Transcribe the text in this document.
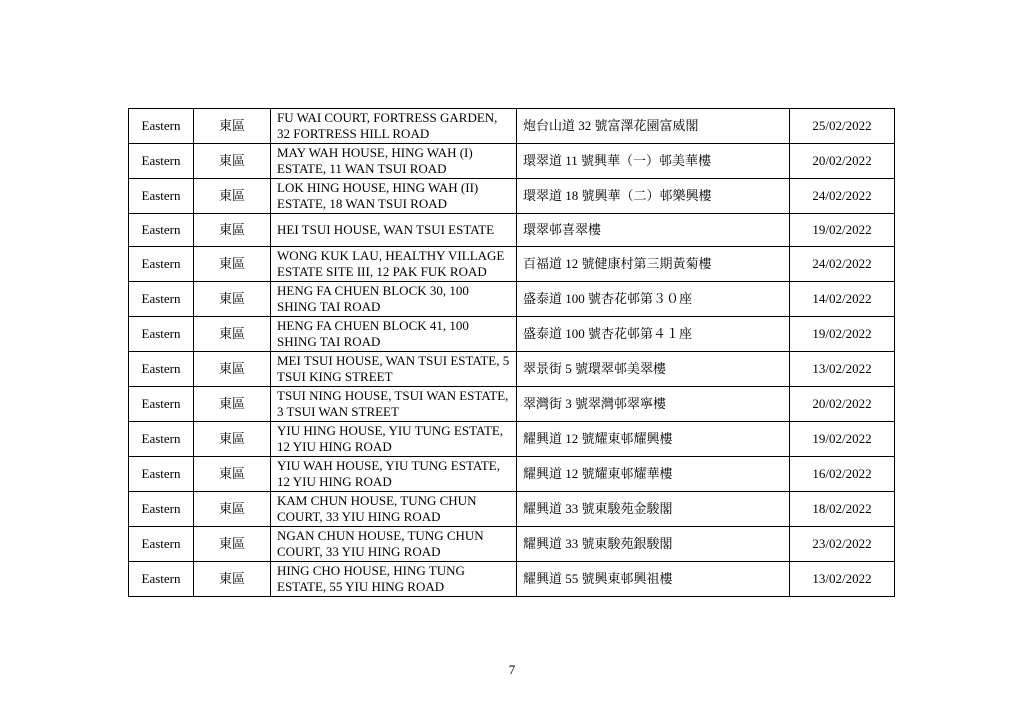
Eastern	東區	FU WAI COURT, FORTRESS GARDEN, 32 FORTRESS HILL ROAD	炮台山道 32 號富澤花園富威閣	25/02/2022
Eastern	東區	MAY WAH HOUSE, HING WAH (I) ESTATE, 11 WAN TSUI ROAD	環翠道 11 號興華（一）邨美華樓	20/02/2022
Eastern	東區	LOK HING HOUSE, HING WAH (II) ESTATE, 18 WAN TSUI ROAD	環翠道 18 號興華（二）邨樂興樓	24/02/2022
Eastern	東區	HEI TSUI HOUSE, WAN TSUI ESTATE	環翠邨喜翠樓	19/02/2022
Eastern	東區	WONG KUK LAU, HEALTHY VILLAGE ESTATE SITE III, 12 PAK FUK ROAD	百福道 12 號健康村第三期黃菊樓	24/02/2022
Eastern	東區	HENG FA CHUEN BLOCK 30, 100 SHING TAI ROAD	盛泰道 100 號杏花邨第３０座	14/02/2022
Eastern	東區	HENG FA CHUEN BLOCK 41, 100 SHING TAI ROAD	盛泰道 100 號杏花邨第４１座	19/02/2022
Eastern	東區	MEI TSUI HOUSE, WAN TSUI ESTATE, 5 TSUI KING STREET	翠景街 5 號環翠邨美翠樓	13/02/2022
Eastern	東區	TSUI NING HOUSE, TSUI WAN ESTATE, 3 TSUI WAN STREET	翠灣街 3 號翠灣邨翠寧樓	20/02/2022
Eastern	東區	YIU HING HOUSE, YIU TUNG ESTATE, 12 YIU HING ROAD	耀興道 12 號耀東邨耀興樓	19/02/2022
Eastern	東區	YIU WAH HOUSE, YIU TUNG ESTATE, 12 YIU HING ROAD	耀興道 12 號耀東邨耀華樓	16/02/2022
Eastern	東區	KAM CHUN HOUSE, TUNG CHUN COURT, 33 YIU HING ROAD	耀興道 33 號東駿苑金駿閣	18/02/2022
Eastern	東區	NGAN CHUN HOUSE, TUNG CHUN COURT, 33 YIU HING ROAD	耀興道 33 號東駿苑銀駿閣	23/02/2022
Eastern	東區	HING CHO HOUSE, HING TUNG ESTATE, 55 YIU HING ROAD	耀興道 55 號興東邨興祖樓	13/02/2022
7
